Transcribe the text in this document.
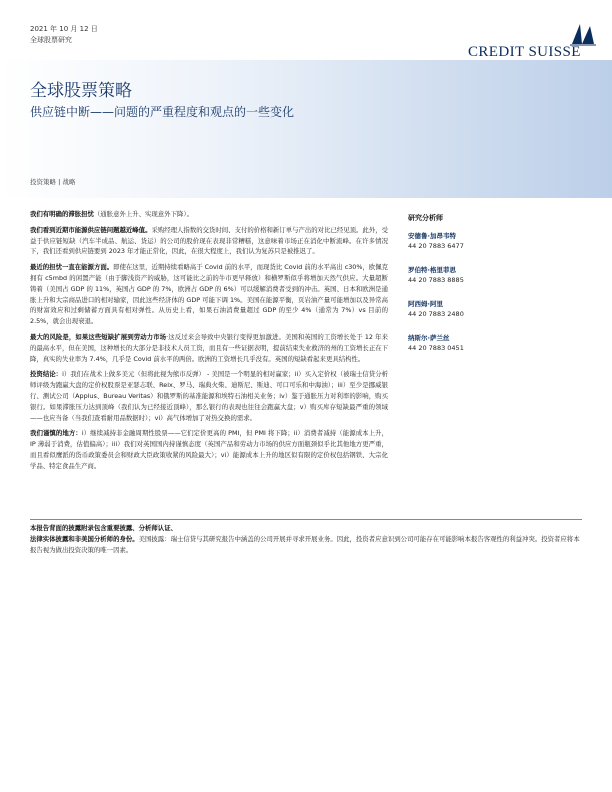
2021 年 10 月 12 日
全球股票研究
CREDIT SUISSE
全球股票策略
供应链中断——问题的严重程度和观点的一些变化
投资策略 | 战略

我们有明确的滞胀担忧（通胀意外上升、实现意外下降）。

我们看到近期市能源供应链问题越近峰值。采购经理人指数的交货时间、支付的价格和新订单与产出的对比已经见顶。此外，受益于供应链短缺（汽车半成品、航运、货运）的公司的股价现在表现非常糟糕，这意味着市场正在消化中断流峰。在许多情况下，我们还看到供应链要到 2023 年才能正常化，因此，在很大程度上，我们认为复苏只是被推迟了。

最近的担忧一直在能源方面。即使在这里，近期持续看略高于 Covid 前的水平，而现货比 Covid 前的水平高出 c30%，欧佩克拥有 c5mbd 的闲置产能（由于脚浅资产的威胁，这可能比之前的牛市更早释放）和横罗斯似乎将增加天然气供应。大量超断铸着（美国占 GDP 的 11%，英国占 GDP 的 7%，欧洲占 GDP 的 6%）可以缓解消费者受到的冲击。英国、日本和欧洲是通胀上升和大宗商品进口的相对输家，因此这些经济体的 GDP 可能下调 1%。美国在能源平衡，页岩油产量可能增加以及异常高的财富效应和过剩储蓄方面具有相对弹性。从历史上看，如果石油消费量超过 GDP 的至少 4%（通常为 7%）vs 目前的 2.5%，就会出现衰退。

最大的风险是，如果这些短缺扩展到劳动力市场·这反过来会导致中央银行变得更加激进。美国和英国的工资增长处于 12 年来的最高水平，但在美国，这种增长的大部分是非技术人员工资，而且有一些证据表明，提前结束失业救济的州的工资增长正在下降，真实的失业率为 7.4%，几乎是 Covid 前水平的两倍。欧洲的工资增长几乎没有。英国的短缺看起来更具结构性。

投资结论：i）我们在战术上做多美元（但将此视为熊市反弹） - 美国是一个明显的相对赢家；ii）买入定价权（被瑞士信贷分析师评级为跑赢大盘的定价权股票是亚瑟志联、Relx、罗马、瑞典火柴、迪斯尼、斯迪、可口可乐和中海油）；iii）至少是挪威银行、测试公司（Applus、Bureau Veritas）和俄罗斯的基准能源和埃特石油相关业务；iv）鉴于通胀压力对利率的影响，购买银行。如果滞胀压力达到顶峰（我们认为已经接近顶峰），那么银行的表现也往往会跑赢大盘；v）购买库存短缺最严重的领域——也应当备（当我们查看耐用品数据时）；vi）高气体增加了对热交换的需求。

我们谨慎的地方：i）继续减持非金融周期性股票——它们定价更高的 PMI，但 PMI 将下降；ii）消费者减持（能源成本上升，IP 薄弱于消费，估值偏高）；iii）我们对英国国内持谨慎态度（英国产品和劳动力市场的供应方面瓶颈似乎比其他地方更严重，而且看似鹰派的货币政策委员会和财政大臣政策收紧的风险最大）；vi）能源成本上升的地区似有限的定价权包括钢铁、大宗化学品、特定食品生产商。

研究分析师
安德鲁·加昂韦特
44 20 7883 6477
罗伯特·格里菲思
44 20 7883 8885
阿西姆·阿里
44 20 7883 2480
纳斯尔·萨兰丝
44 20 7883 0451
本报告背面的披露附录包含重要披露、分析师认证、
法律实体披露和非美国分析师的身份。美国披露：瑞士信贷与其研究报告中涵盖的公司开展并寻求开展业务。因此，投资者应意识到公司可能存在可能影响本报告客观性的利益冲突。投资者应将本报告视为做出投资决策的唯一因素。
